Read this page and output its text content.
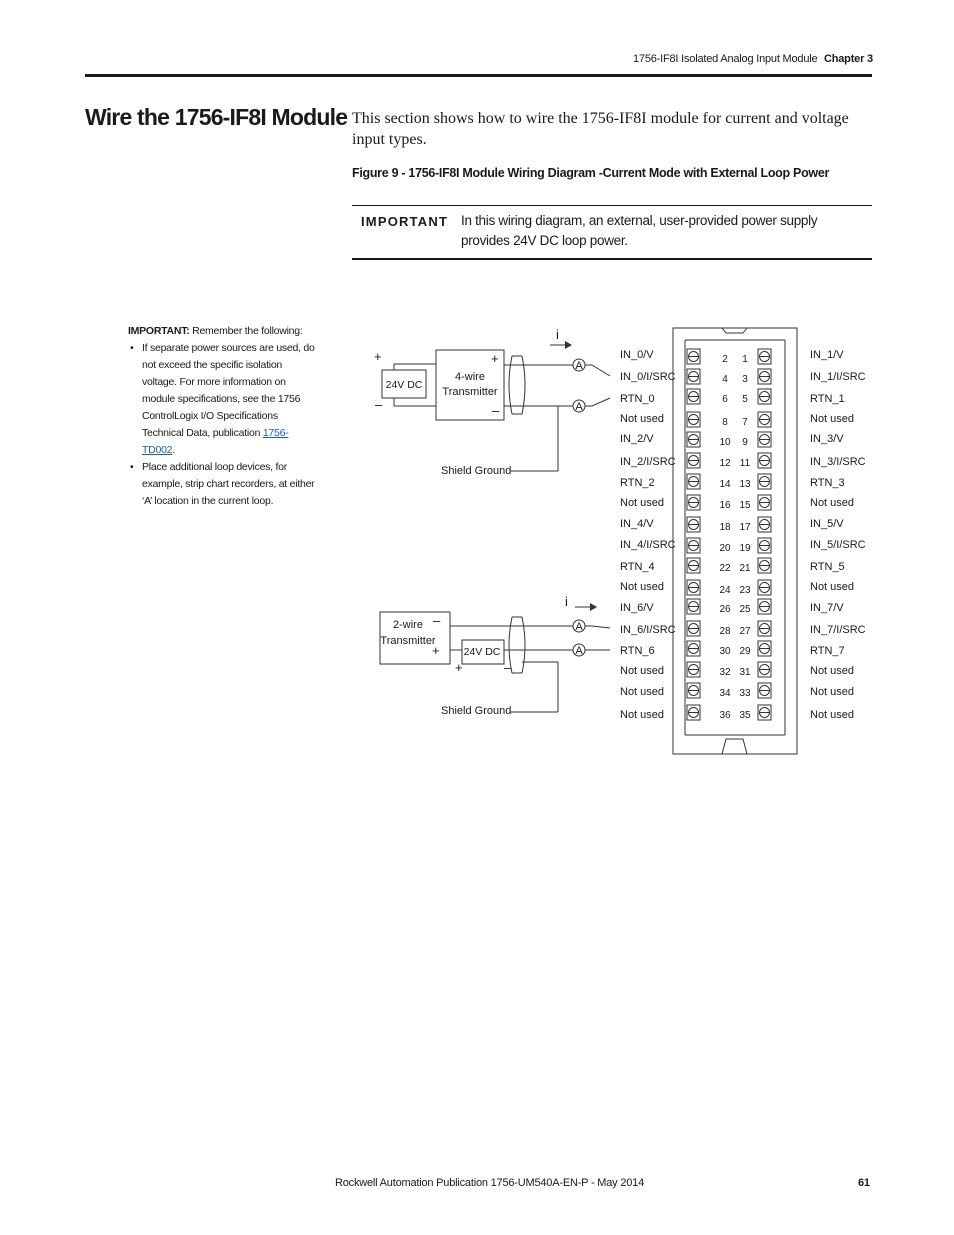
1756-IF8I Isolated Analog Input Module Chapter 3
Wire the 1756-IF8I Module This section shows how to wire the 1756-IF8I module for current and voltage input types.
Figure 9 - 1756-IF8I Module Wiring Diagram -Current Mode with External Loop Power
IMPORTANT In this wiring diagram, an external, user-provided power supply provides 24V DC loop power.
IMPORTANT: Remember the following:
• If separate power sources are used, do not exceed the specific isolation voltage. For more information on module specifications, see the 1756 ControlLogix I/O Specifications Technical Data, publication 1756-TD002.
• Place additional loop devices, for example, strip chart recorders, at either ‘A’ location in the current loop.
2 1
4 3
6 5
8 7
10 9
12 11
14 13
16 15
18 17
20 19
22 21
24 23
26 25
28 27
30 29
32 31
34 33
36 35
IN_0/V
IN_0/I/SRC
RTN_0
Not used
IN_2/V
IN_2/I/SRC
RTN_2
Not used
IN_4/V
IN_4/I/SRC
RTN_4
Not used
IN_6/V
IN_6/I/SRC
RTN_6
Not used
Not used
Not used
IN_1/V
IN_1/I/SRC
RTN_1
Not used
IN_3/V
IN_3/I/SRC
RTN_3
Not used
IN_5/V
IN_5/I/SRC
RTN_5
Not used
IN_7/V
IN_7/I/SRC
RTN_7
Not used
Not used
Not used
4-wire
Transmitter
24V DC
+
–
+
–
i
A
A
Shield Ground
2-wire
Transmitter
–
+ 24V DC
+	–
i
A
A
Shield Ground
Rockwell Automation Publication 1756-UM540A-EN-P - May 2014	61
